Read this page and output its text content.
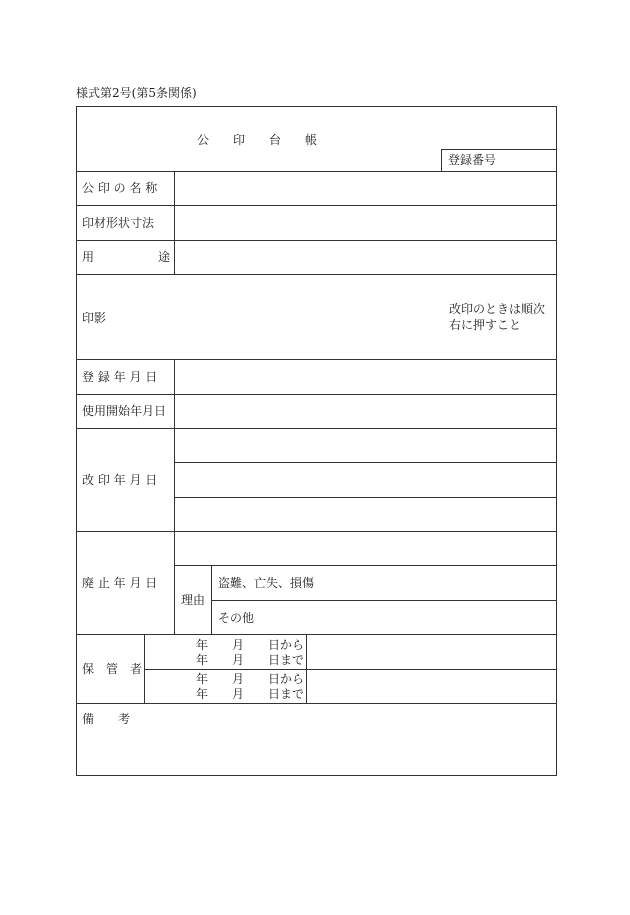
様式第2号(第5条関係)
登録番号
公　　印　　台　　帳
公 印 の 名 称
印材形状寸法
用	途
印影
改印のときは順次
右に押すこと
登 録 年 月 日
使用開始年月日
改 印 年 月 日
廃 止 年 月 日
理由
盗難、亡失、損傷
その他
保　管　者
年　　月　　日から
年　　月　　日まで
年　　月　　日から
年　　月　　日まで
備　　考
